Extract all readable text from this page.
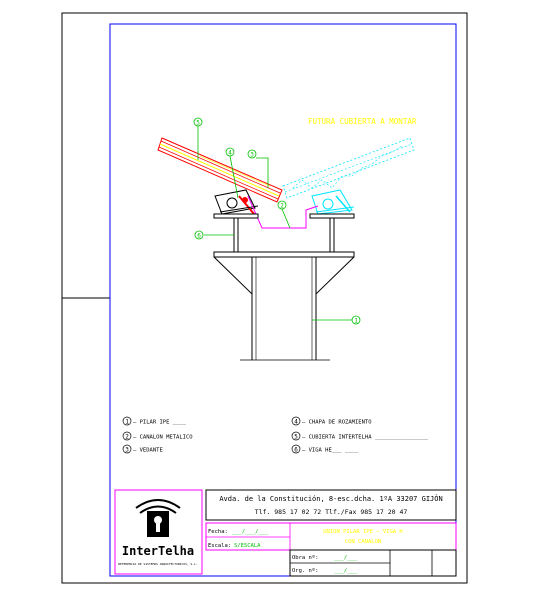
FUTURA CUBIERTA A MONTAR
5
4	3
2
6
1
1 — PILAR IPE ____
2 — CANALON METALICO
3 — VEDANTE
4 — CHAPA DE ROZAMIENTO
5 — CUBIERTA INTERTELHA ________________
6 — VIGA HE___ ____
InterTelha
REFERENCIA DE SISTEMAS ARQUITECTONICOS, S.L.
Avda. de la Constitución, 8-esc.dcha. 1ºA 33207 GIJÓN
Tlf. 985 17 02 72 Tlf./Fax 985 17 20 47
Fecha: ___/___/___
Escala: S/ESCALA
UNION PILAR IPE — VIGA H
CON CANALON
Obra nº:	___/___
Org. nº:	___/___
